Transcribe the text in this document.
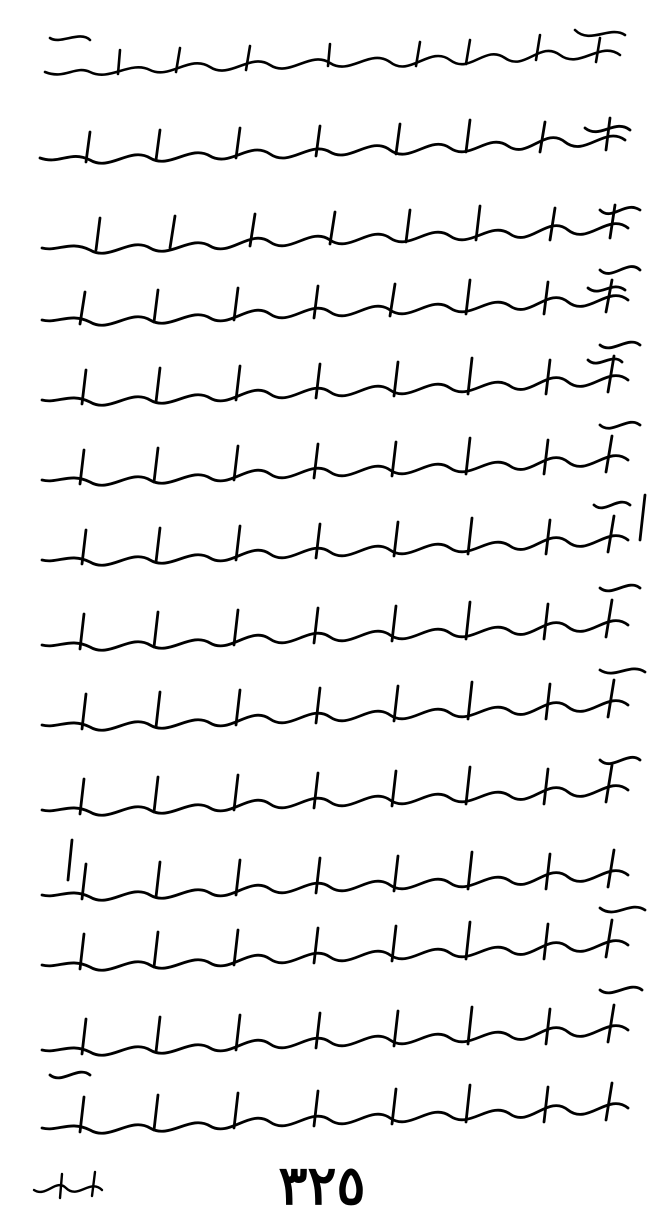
٣٢٥
